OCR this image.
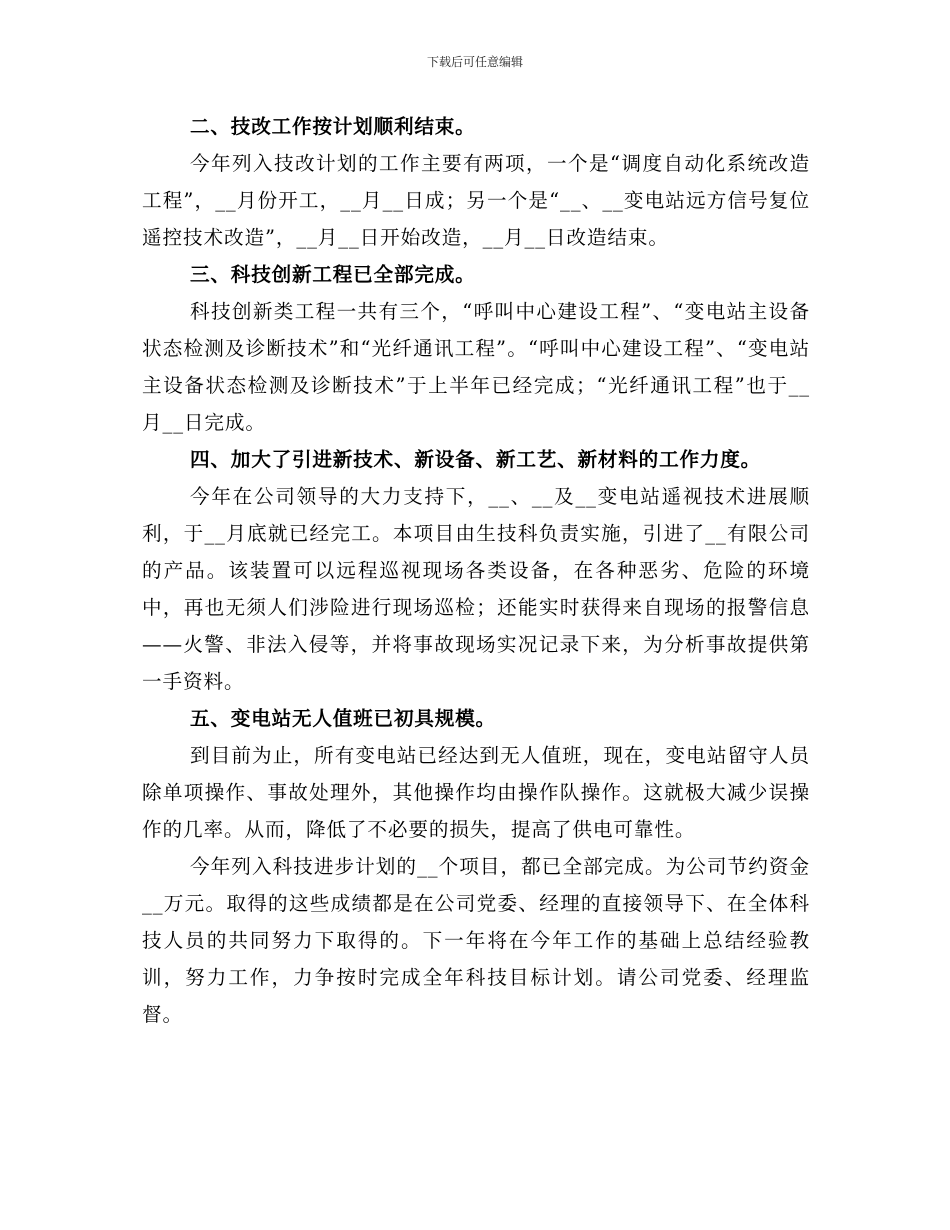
下载后可任意编辑

二、技改工作按计划顺利结束。

今年列入技改计划的工作主要有两项，一个是“调度自动化系统改造工程”，__月份开工，__月__日成；另一个是“__、__变电站远方信号复位遥控技术改造”，__月__日开始改造，__月__日改造结束。

三、科技创新工程已全部完成。

科技创新类工程一共有三个，“呼叫中心建设工程”、“变电站主设备状态检测及诊断技术”和“光纤通讯工程”。“呼叫中心建设工程”、“变电站主设备状态检测及诊断技术”于上半年已经完成；“光纤通讯工程”也于__月__日完成。

四、加大了引进新技术、新设备、新工艺、新材料的工作力度。

今年在公司领导的大力支持下，__、__及__变电站遥视技术进展顺利，于__月底就已经完工。本项目由生技科负责实施，引进了__有限公司的产品。该装置可以远程巡视现场各类设备，在各种恶劣、危险的环境中，再也无须人们涉险进行现场巡检；还能实时获得来自现场的报警信息——火警、非法入侵等，并将事故现场实况记录下来，为分析事故提供第一手资料。

五、变电站无人值班已初具规模。

到目前为止，所有变电站已经达到无人值班，现在，变电站留守人员除单项操作、事故处理外，其他操作均由操作队操作。这就极大减少误操作的几率。从而，降低了不必要的损失，提高了供电可靠性。

今年列入科技进步计划的__个项目，都已全部完成。为公司节约资金__万元。取得的这些成绩都是在公司党委、经理的直接领导下、在全体科技人员的共同努力下取得的。下一年将在今年工作的基础上总结经验教训，努力工作，力争按时完成全年科技目标计划。请公司党委、经理监督。
